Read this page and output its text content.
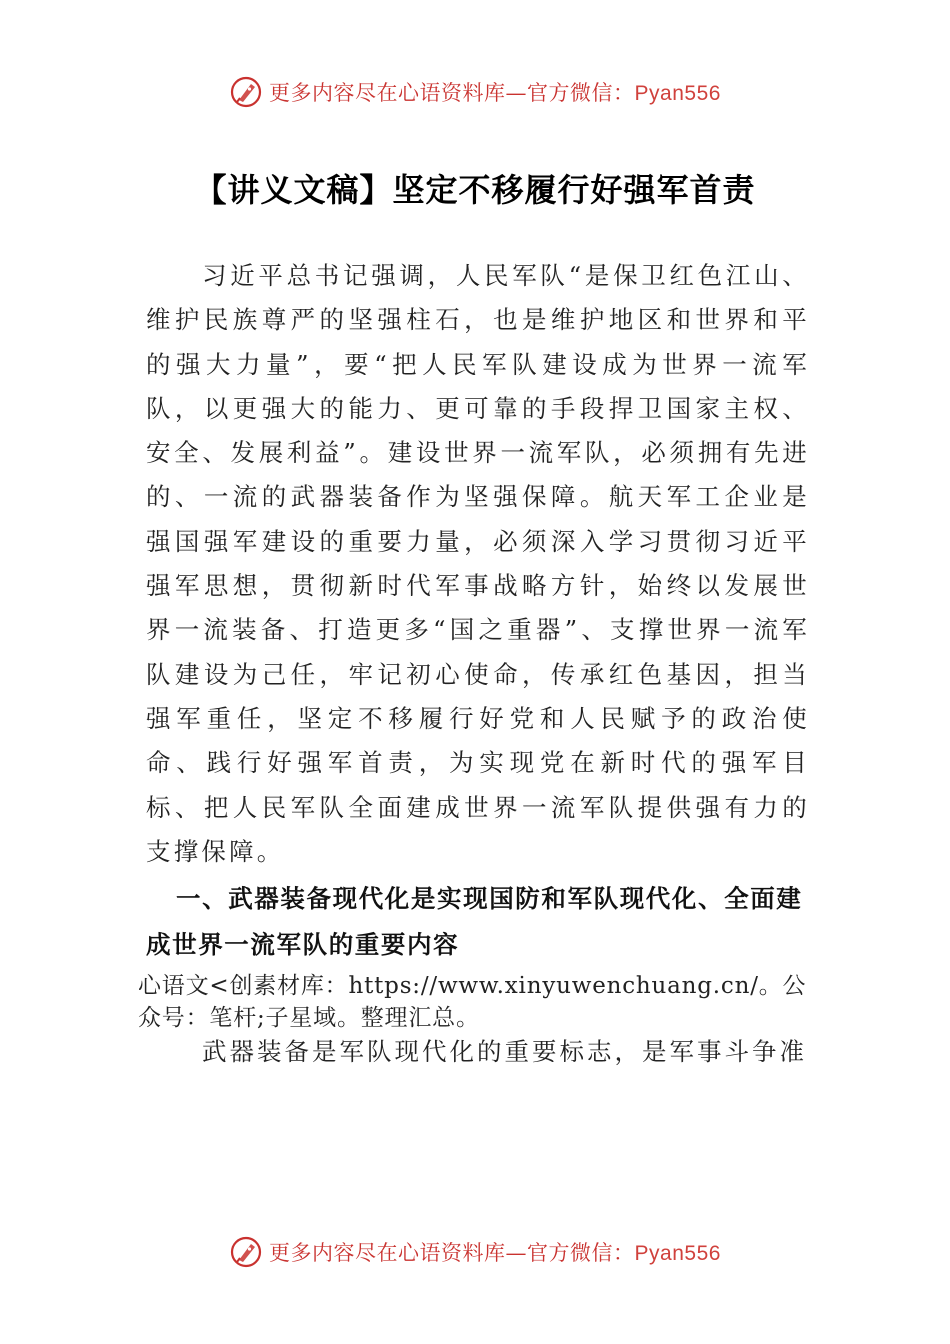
更多内容尽在心语资料库—官方微信：Pyan556
【讲义文稿】坚定不移履行好强军首责

习近平总书记强调，人民军队“是保卫红色江山、维护民族尊严的坚强柱石，也是维护地区和世界和平的强大力量”，要“把人民军队建设成为世界一流军队，以更强大的能力、更可靠的手段捍卫国家主权、安全、发展利益”。建设世界一流军队，必须拥有先进的、一流的武器装备作为坚强保障。航天军工企业是强国强军建设的重要力量，必须深入学习贯彻习近平强军思想，贯彻新时代军事战略方针，始终以发展世界一流装备、打造更多“国之重器”、支撑世界一流军队建设为己任，牢记初心使命，传承红色基因，担当强军重任，坚定不移履行好党和人民赋予的政治使命、践行好强军首责，为实现党在新时代的强军目标、把人民军队全面建成世界一流军队提供强有力的支撑保障。

一、武器装备现代化是实现国防和军队现代化、全面建成世界一流军队的重要内容

心语文<创素材库：https://www.xinyuwenchuang.cn/。公众号：笔杆;子星域。整理汇总。

武器装备是军队现代化的重要标志，是军事斗争准

更多内容尽在心语资料库—官方微信：Pyan556
